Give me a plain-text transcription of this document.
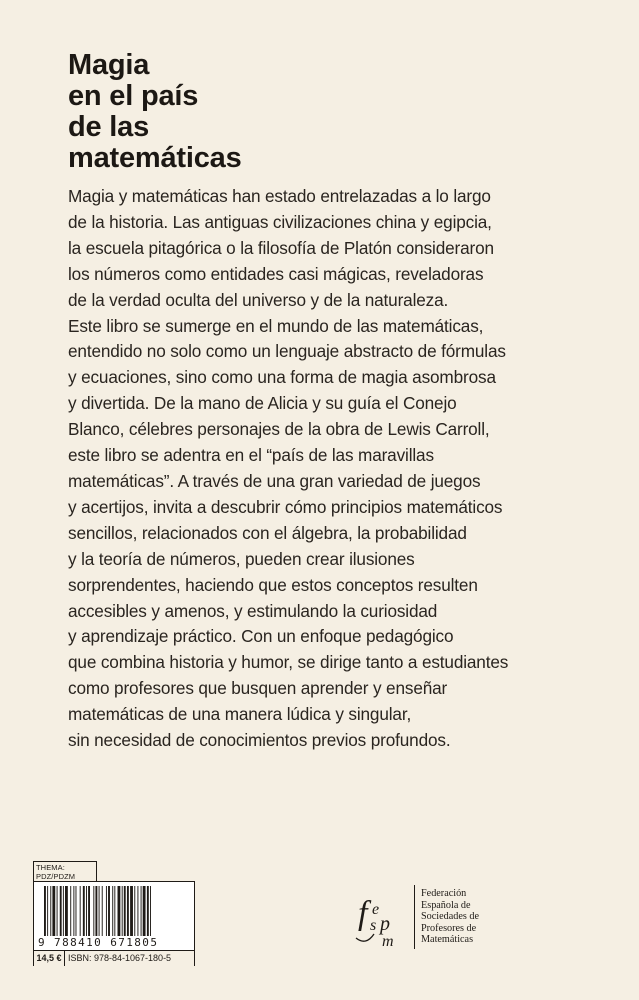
Magia
en el país
de las
matemáticas
Magia y matemáticas han estado entrelazadas a lo largo
de la historia. Las antiguas civilizaciones china y egipcia,
la escuela pitagórica o la filosofía de Platón consideraron
los números como entidades casi mágicas, reveladoras
de la verdad oculta del universo y de la naturaleza.
Este libro se sumerge en el mundo de las matemáticas,
entendido no solo como un lenguaje abstracto de fórmulas
y ecuaciones, sino como una forma de magia asombrosa
y divertida. De la mano de Alicia y su guía el Conejo
Blanco, célebres personajes de la obra de Lewis Carroll,
este libro se adentra en el “país de las maravillas
matemáticas”. A través de una gran variedad de juegos
y acertijos, invita a descubrir cómo principios matemáticos
sencillos, relacionados con el álgebra, la probabilidad
y la teoría de números, pueden crear ilusiones
sorprendentes, haciendo que estos conceptos resulten
accesibles y amenos, y estimulando la curiosidad
y aprendizaje práctico. Con un enfoque pedagógico
que combina historia y humor, se dirige tanto a estudiantes
como profesores que busquen aprender y enseñar
matemáticas de una manera lúdica y singular,
sin necesidad de conocimientos previos profundos.
THEMA: PDZ/PDZM
9 788410 671805
14,5 € ISBN: 978-84-1067-180-5
f e
s p
m
Federación
Española de
Sociedades de
Profesores de
Matemáticas
